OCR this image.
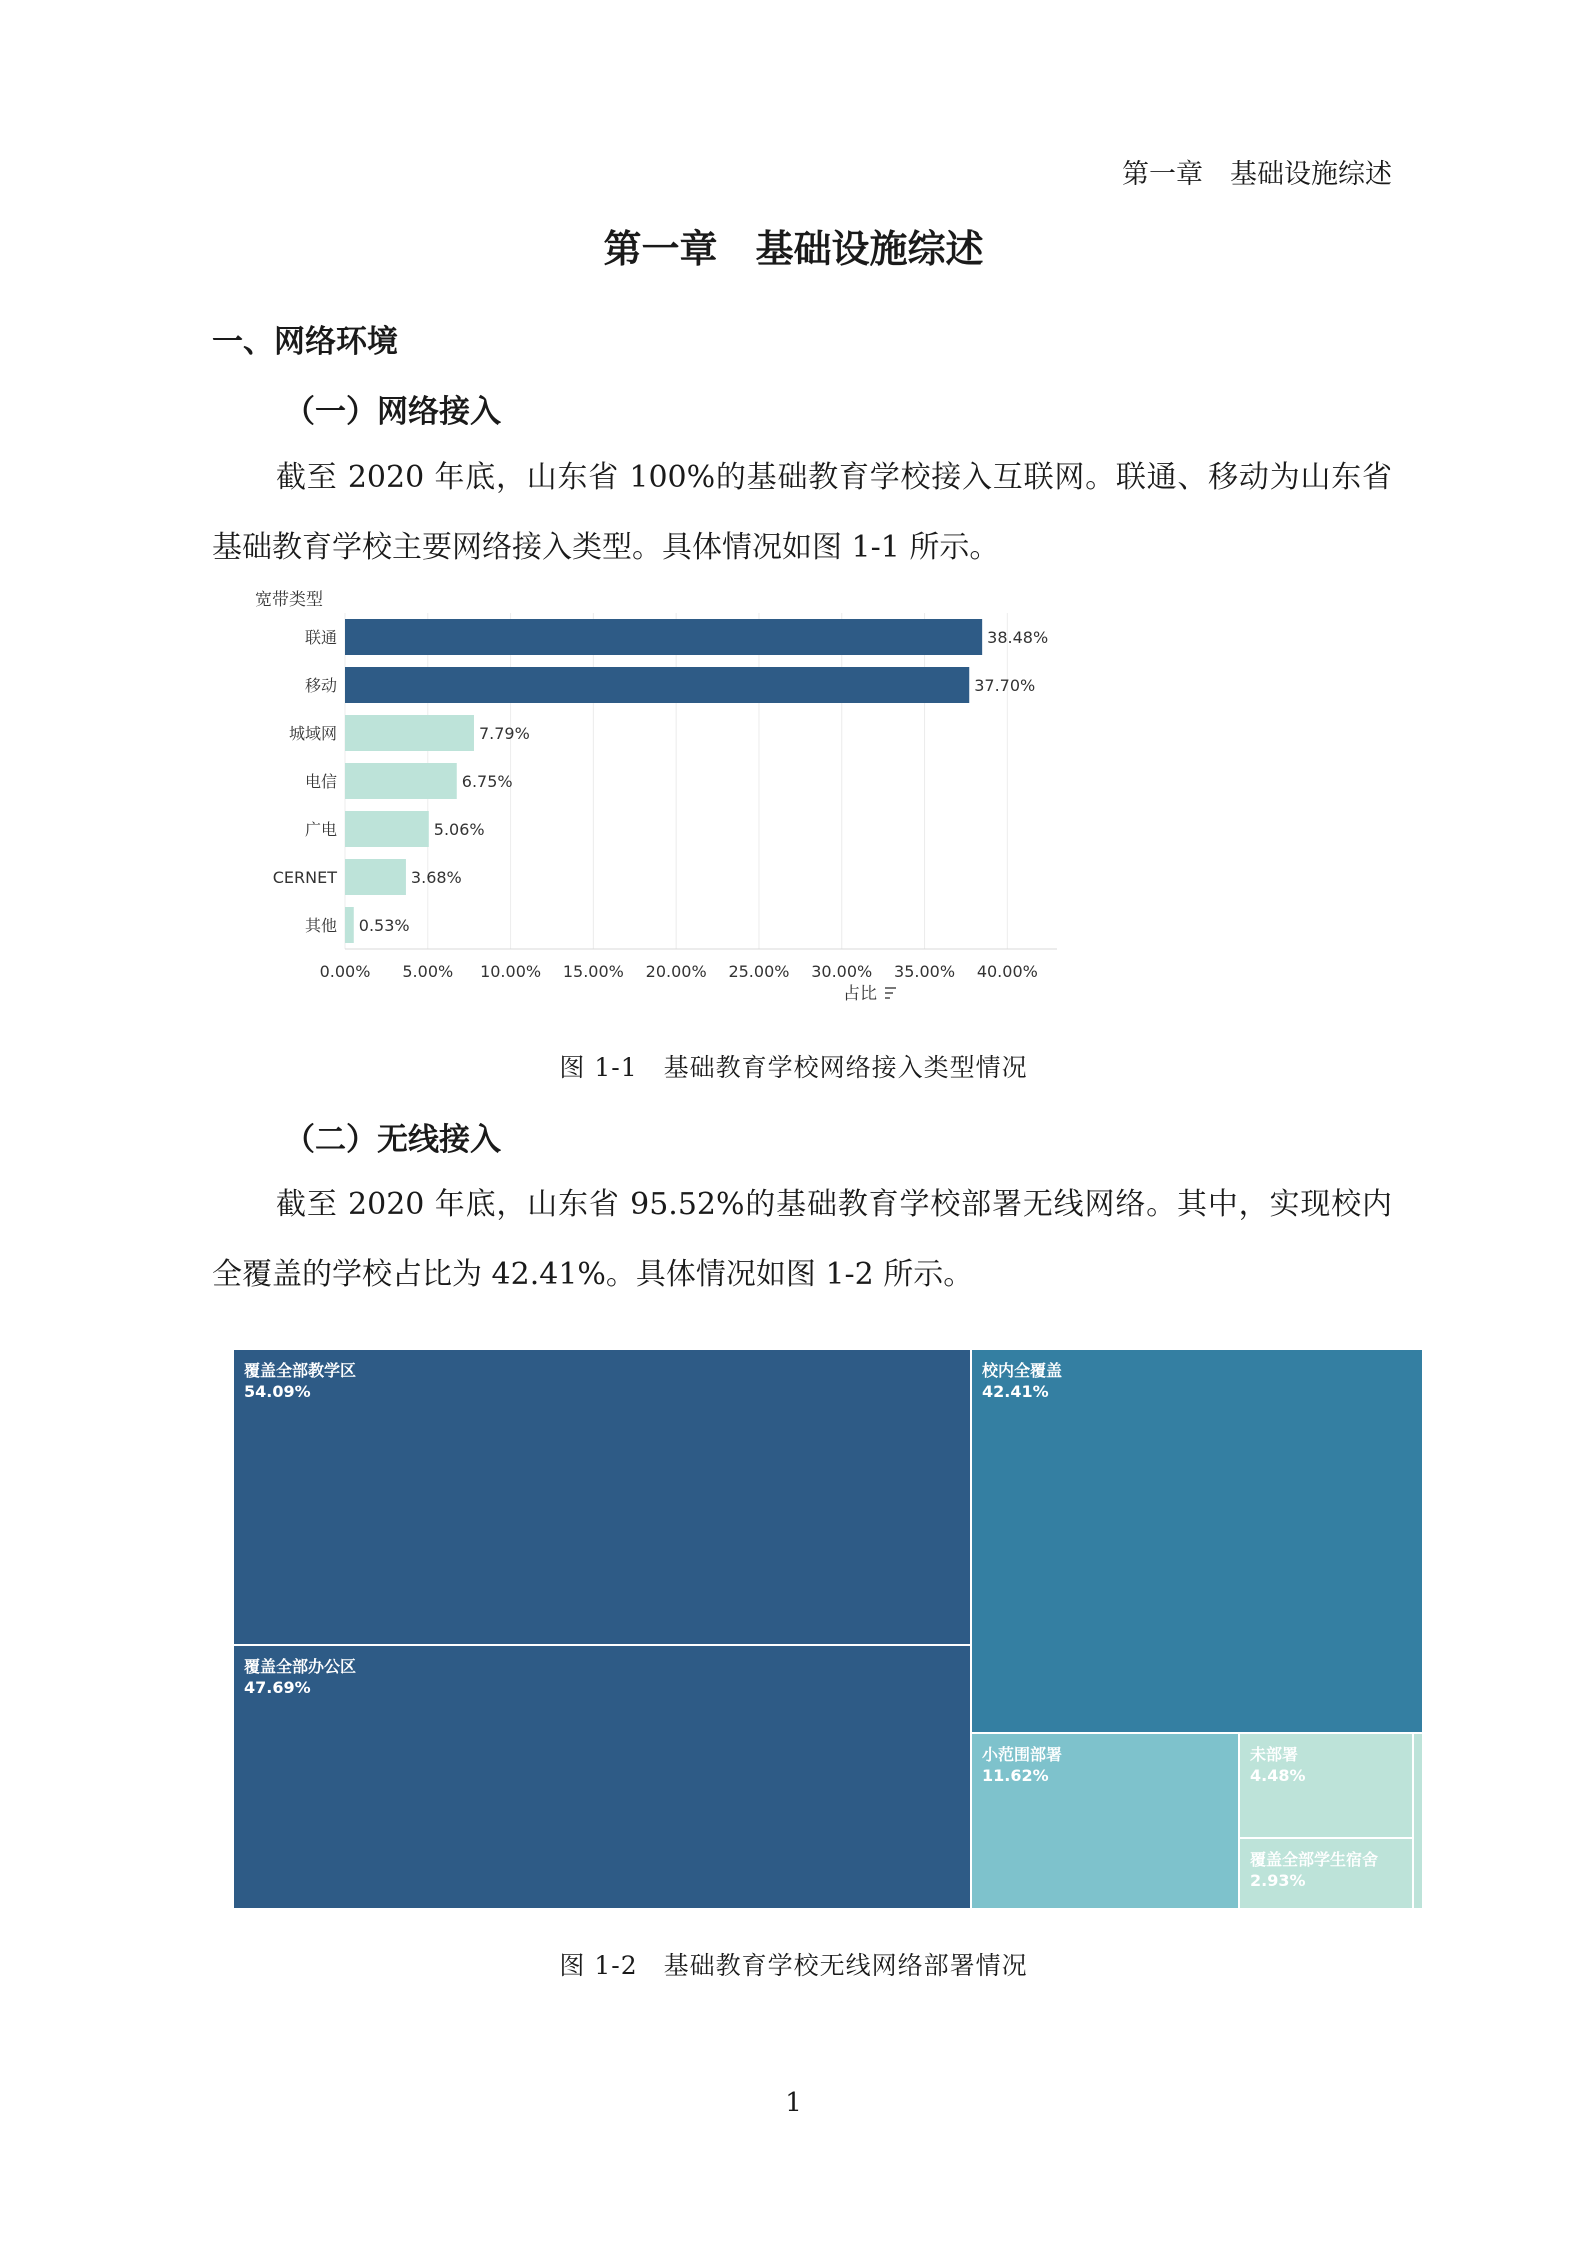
第一章　基础设施综述
第一章　基础设施综述
一、网络环境
（一）网络接入
截至 2020 年底，山东省 100%的基础教育学校接入互联网。联通、移动为山东省基础教育学校主要网络接入类型。具体情况如图 1-1 所示。
0.00% 5.00% 10.00% 15.00% 20.00% 25.00% 30.00% 35.00% 40.00%
联通	38.48%
移动	37.70%
城域网	7.79%
电信	6.75%
广电	5.06%
CERNET	3.68%
其他 0.53%
宽带类型
占比
图 1-1　基础教育学校网络接入类型情况
（二）无线接入
截至 2020 年底，山东省 95.52%的基础教育学校部署无线网络。其中，实现校内全覆盖的学校占比为 42.41%。具体情况如图 1-2 所示。
覆盖全部教学区
54.09%
覆盖全部办公区
47.69%
校内全覆盖
42.41%
小范围部署
11.62%
未部署
4.48%
覆盖全部学生宿舍
2.93%
图 1-2　基础教育学校无线网络部署情况
1
